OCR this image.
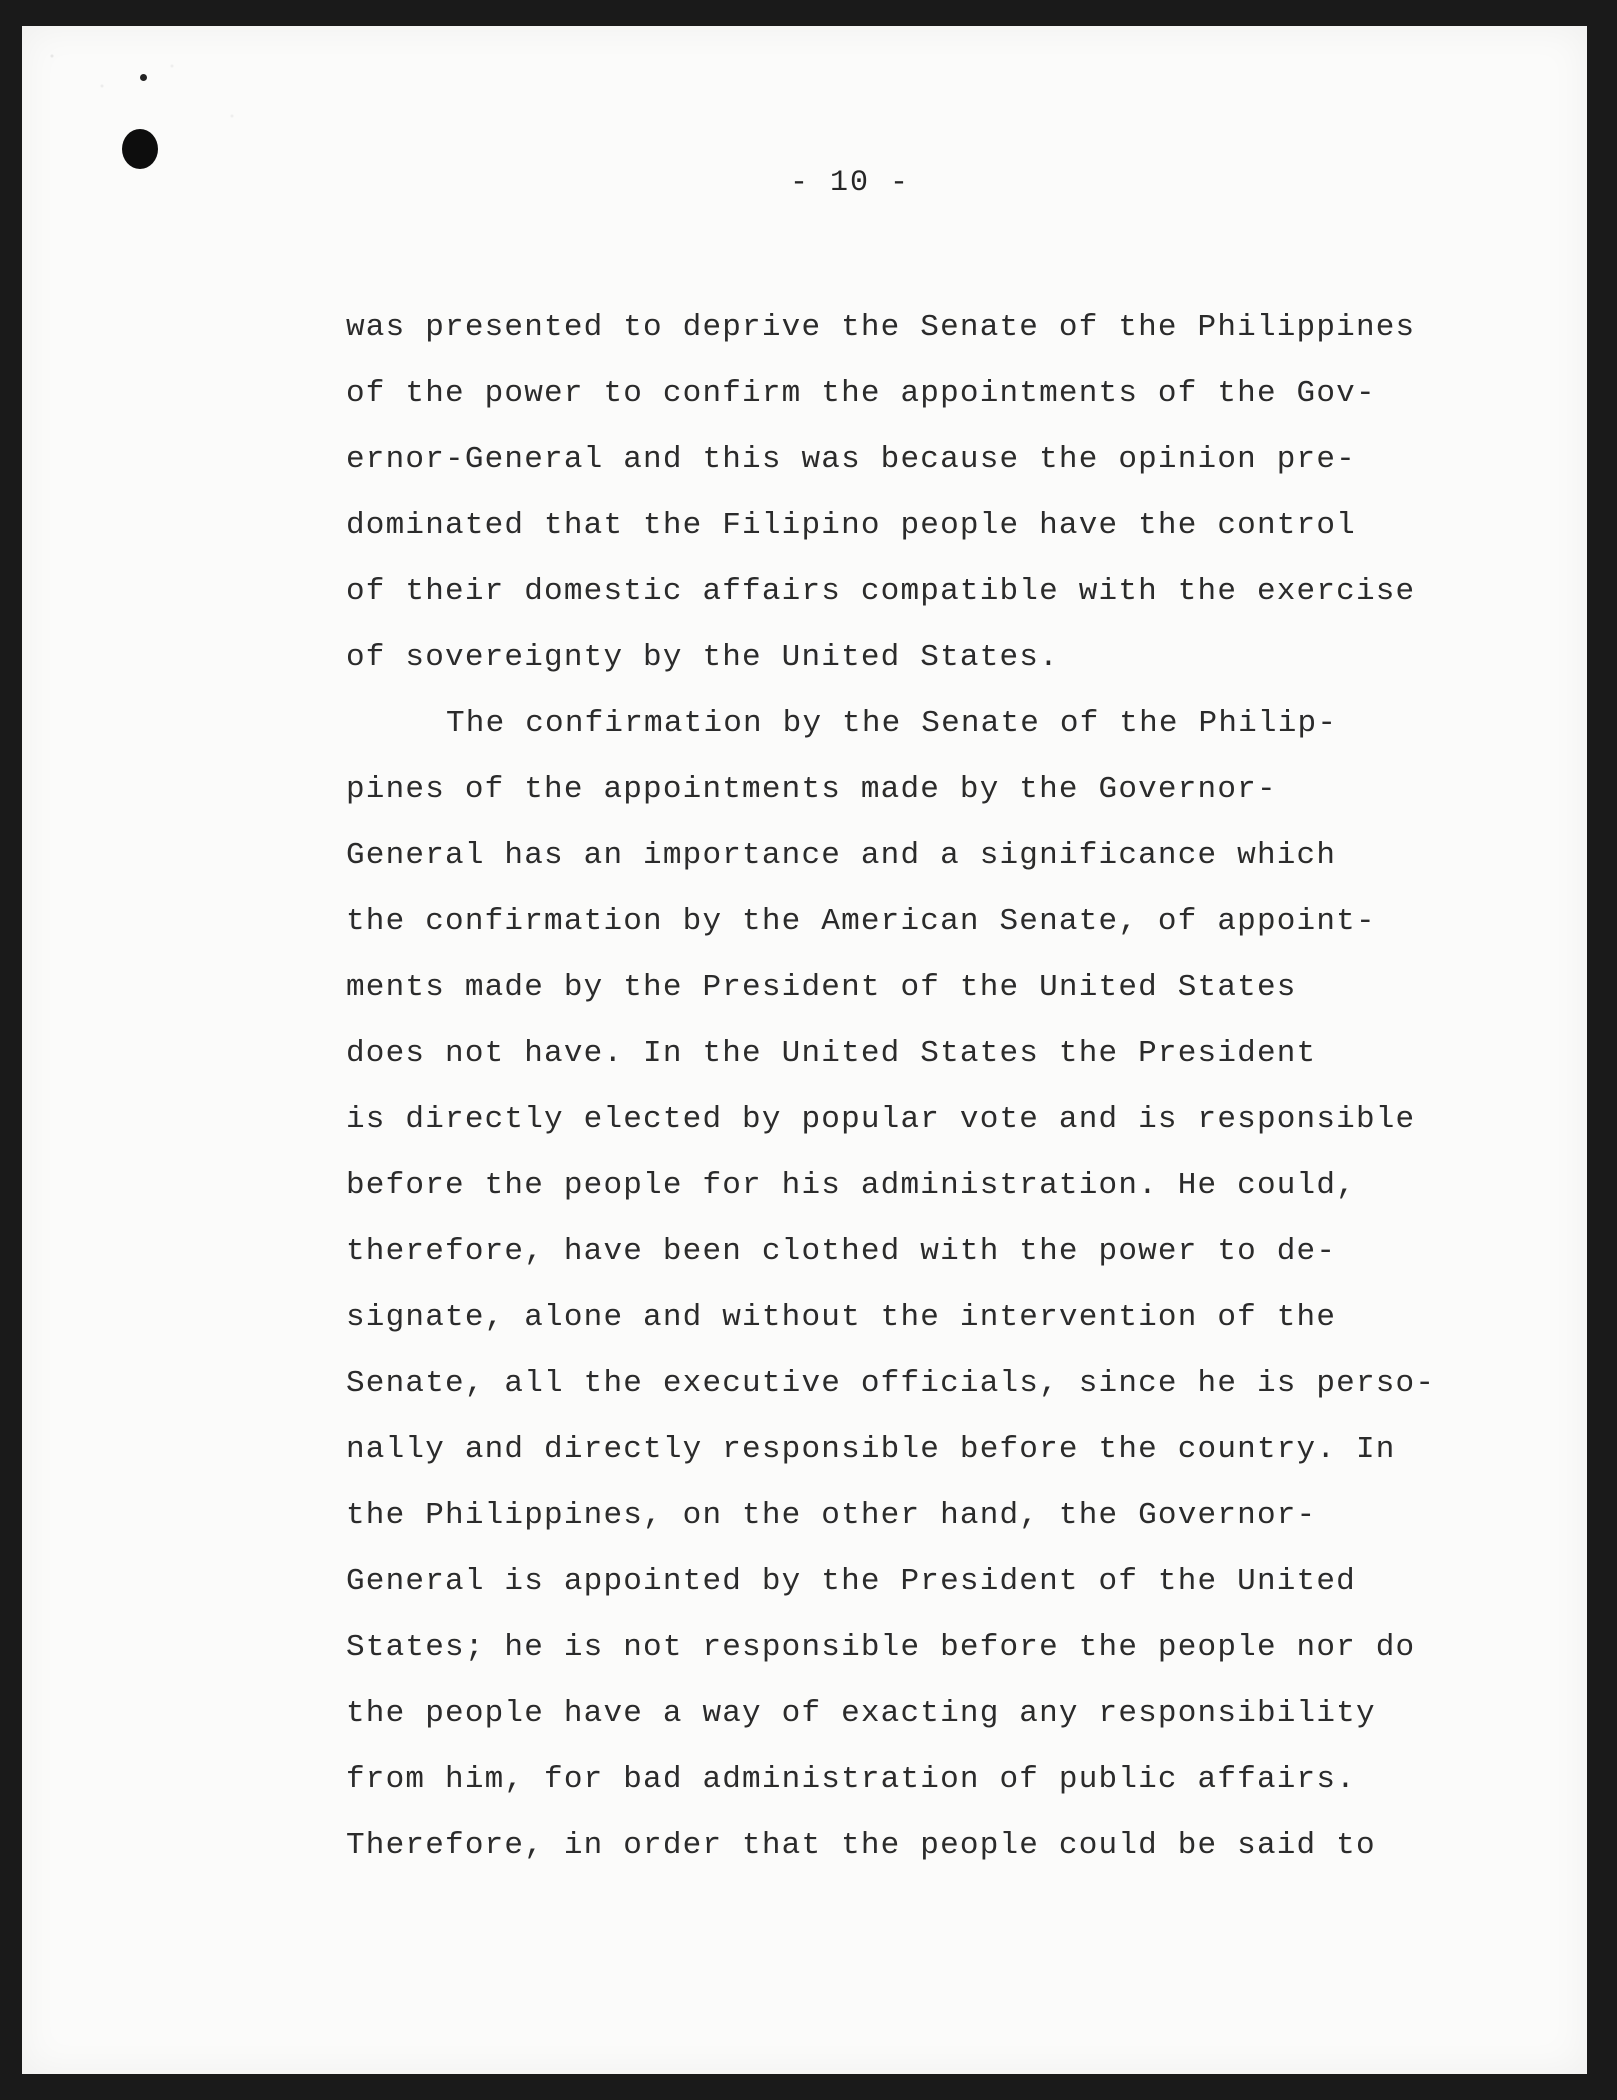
- 10 -
was presented to deprive the Senate of the Philippines
of the power to confirm the appointments of the Gov-
ernor-General and this was because the opinion pre-
dominated that the Filipino people have the control
of their domestic affairs compatible with the exercise
of sovereignty by the United States.
The confirmation by the Senate of the Philip-
pines of the appointments made by the Governor-
General has an importance and a significance which
the confirmation by the American Senate, of appoint-
ments made by the President of the United States
does not have. In the United States the President
is directly elected by popular vote and is responsible
before the people for his administration. He could,
therefore, have been clothed with the power to de-
signate, alone and without the intervention of the
Senate, all the executive officials, since he is perso-
nally and directly responsible before the country. In
the Philippines, on the other hand, the Governor-
General is appointed by the President of the United
States; he is not responsible before the people nor do
the people have a way of exacting any responsibility
from him, for bad administration of public affairs.
Therefore, in order that the people could be said to
